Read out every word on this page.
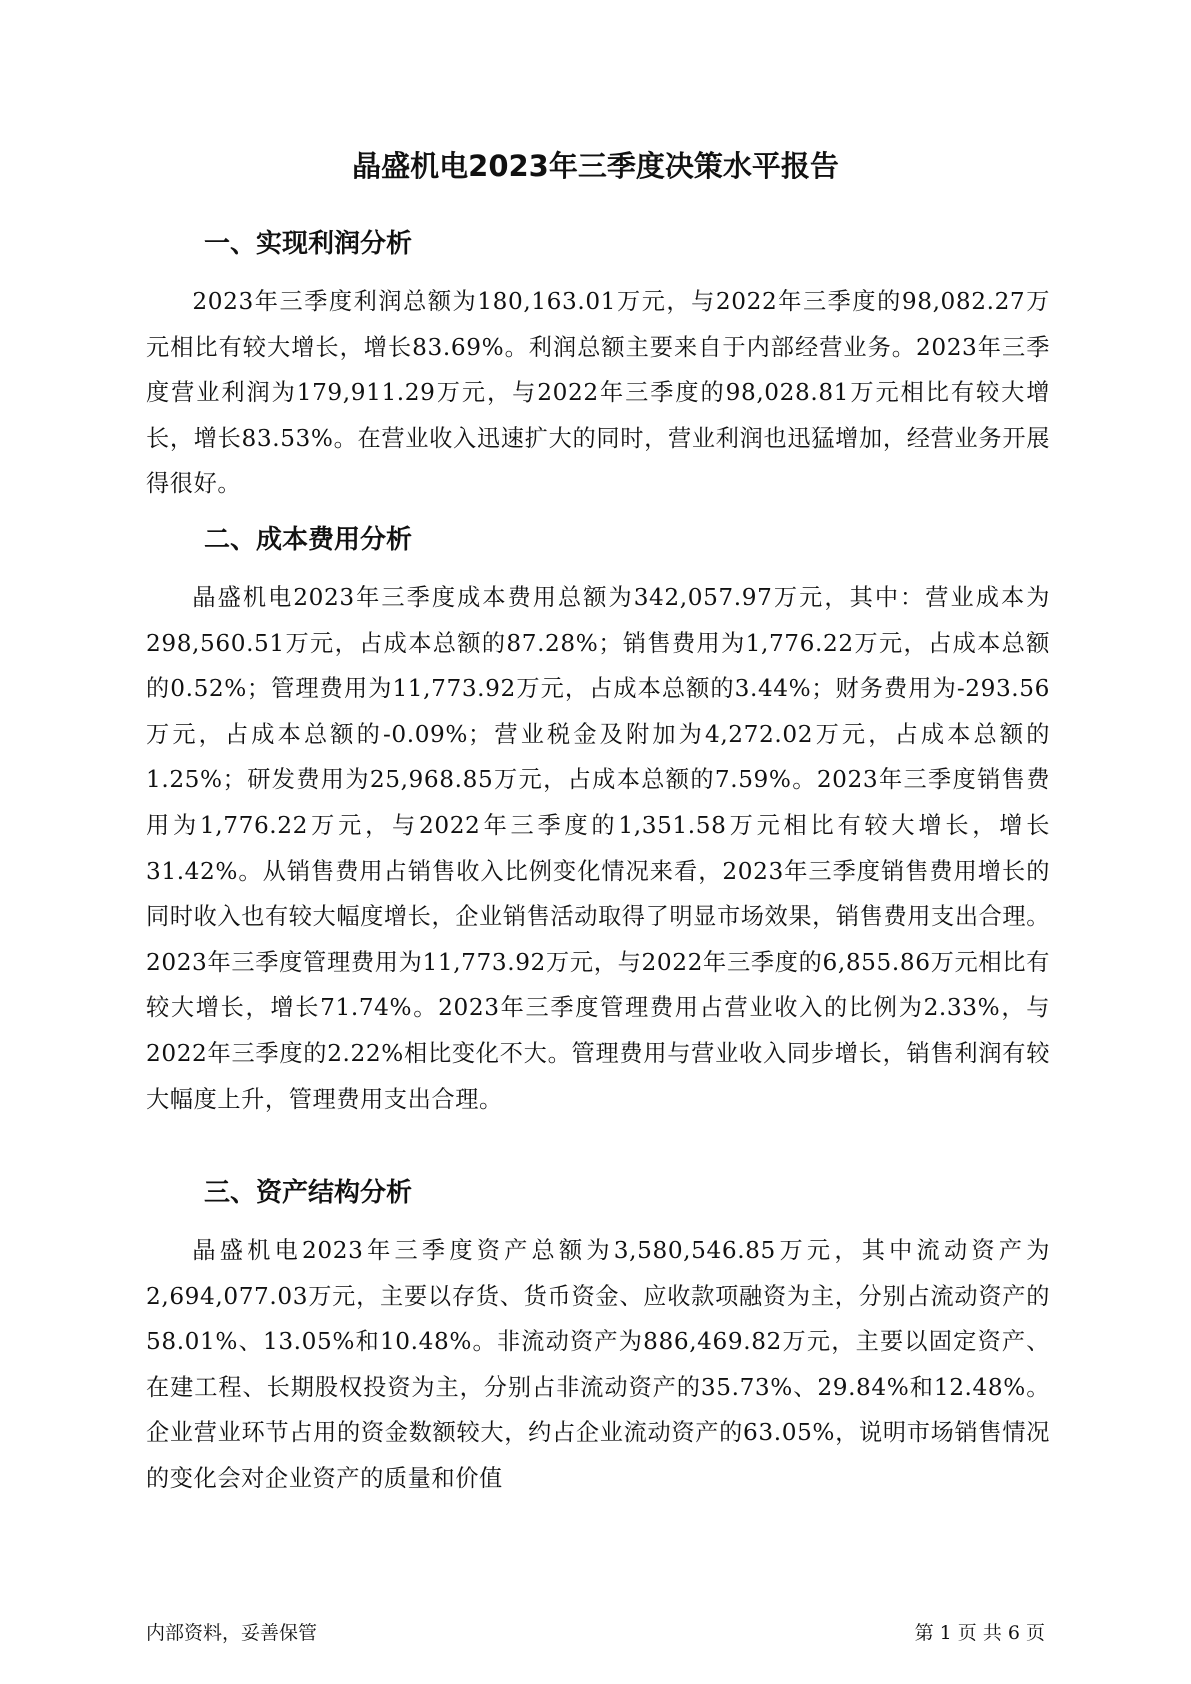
晶盛机电2023年三季度决策水平报告
一、实现利润分析

2023年三季度利润总额为180,163.01万元，与2022年三季度的98,082.27万元相比有较大增长，增长83.69%。利润总额主要来自于内部经营业务。2023年三季度营业利润为179,911.29万元，与2022年三季度的98,028.81万元相比有较大增长，增长83.53%。在营业收入迅速扩大的同时，营业利润也迅猛增加，经营业务开展得很好。

二、成本费用分析

晶盛机电2023年三季度成本费用总额为342,057.97万元，其中：营业成本为298,560.51万元，占成本总额的87.28%；销售费用为1,776.22万元，占成本总额的0.52%；管理费用为11,773.92万元，占成本总额的3.44%；财务费用为-293.56万元，占成本总额的-0.09%；营业税金及附加为4,272.02万元，占成本总额的1.25%；研发费用为25,968.85万元，占成本总额的7.59%。2023年三季度销售费用为1,776.22万元，与2022年三季度的1,351.58万元相比有较大增长，增长31.42%。从销售费用占销售收入比例变化情况来看，2023年三季度销售费用增长的同时收入也有较大幅度增长，企业销售活动取得了明显市场效果，销售费用支出合理。2023年三季度管理费用为11,773.92万元，与2022年三季度的6,855.86万元相比有较大增长，增长71.74%。2023年三季度管理费用占营业收入的比例为2.33%，与2022年三季度的2.22%相比变化不大。管理费用与营业收入同步增长，销售利润有较大幅度上升，管理费用支出合理。

三、资产结构分析

晶盛机电2023年三季度资产总额为3,580,546.85万元，其中流动资产为2,694,077.03万元，主要以存货、货币资金、应收款项融资为主，分别占流动资产的58.01%、13.05%和10.48%。非流动资产为886,469.82万元，主要以固定资产、在建工程、长期股权投资为主，分别占非流动资产的35.73%、29.84%和12.48%。企业营业环节占用的资金数额较大，约占企业流动资产的63.05%，说明市场销售情况的变化会对企业资产的质量和价值

内部资料，妥善保管	第 1 页 共 6 页
